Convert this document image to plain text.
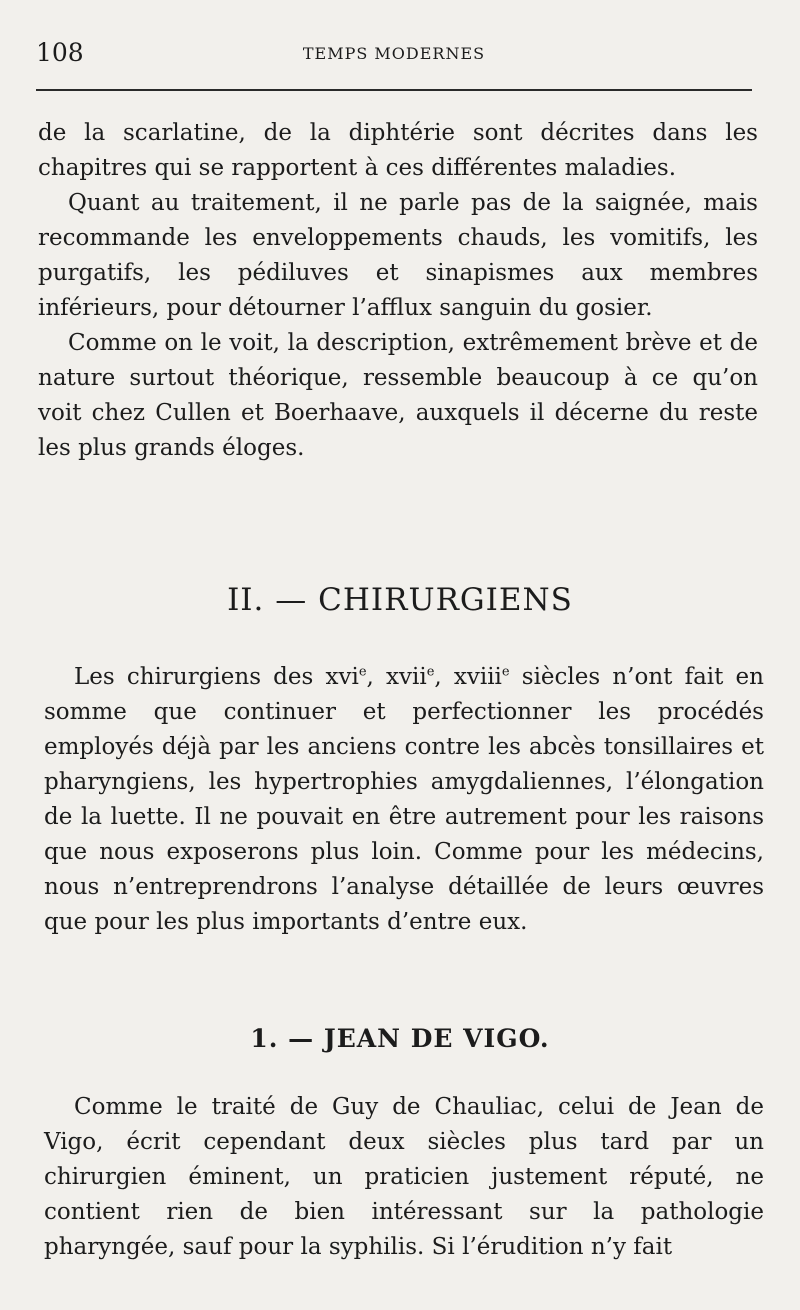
108	TEMPS MODERNES

de la scarlatine, de la diphtérie sont décrites dans les chapitres qui se rapportent à ces différentes maladies.

Quant au traitement, il ne parle pas de la saignée, mais recommande les enveloppements chauds, les vomitifs, les purgatifs, les pédiluves et sinapismes aux membres inférieurs, pour détourner l’afflux sanguin du gosier.

Comme on le voit, la description, extrêmement brève et de nature surtout théorique, ressemble beaucoup à ce qu’on voit chez Cullen et Boerhaave, auxquels il décerne du reste les plus grands éloges.

II. — CHIRURGIENS

Les chirurgiens des xvi$^e$, xvii$^e$, xviii$^e$ siècles n’ont fait en somme que continuer et perfectionner les procédés employés déjà par les anciens contre les abcès tonsillaires et pharyngiens, les hypertrophies amygdaliennes, l’élongation de la luette. Il ne pouvait en être autrement pour les raisons que nous exposerons plus loin. Comme pour les médecins, nous n’entreprendrons l’analyse détaillée de leurs œuvres que pour les plus importants d’entre eux.

1. — JEAN DE VIGO.

Comme le traité de Guy de Chauliac, celui de Jean de Vigo, écrit cependant deux siècles plus tard par un chirurgien éminent, un praticien justement réputé, ne contient rien de bien intéressant sur la pathologie pharyngée, sauf pour la syphilis. Si l’érudition n’y fait
